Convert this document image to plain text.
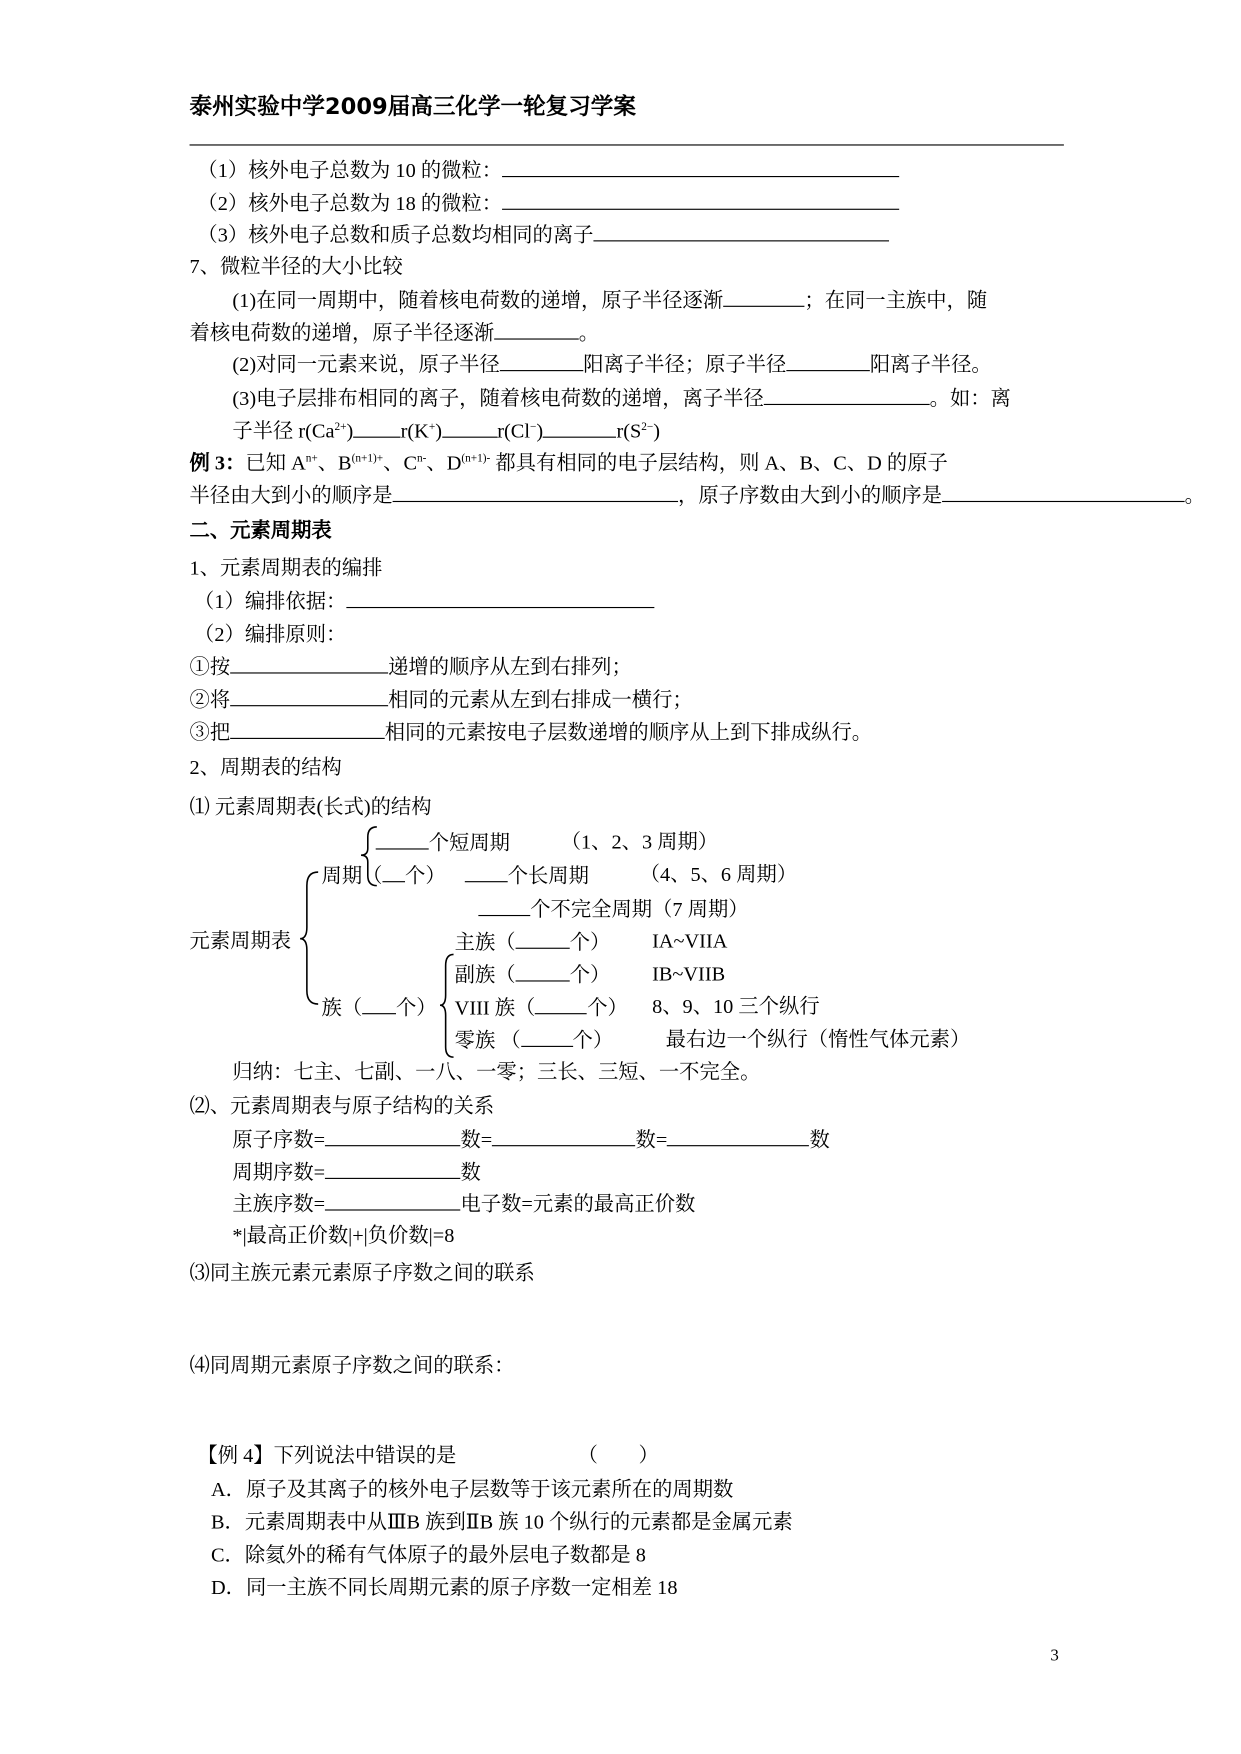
泰州实验中学2009届高三化学一轮复习学案
（1）核外电子总数为 10 的微粒：
（2）核外电子总数为 18 的微粒：
（3）核外电子总数和质子总数均相同的离子
7、微粒半径的大小比较
(1)在同一周期中，随着核电荷数的递增，原子半径逐渐	；在同一主族中，随
着核电荷数的递增，原子半径逐渐	。
(2)对同一元素来说，原子半径	阳离子半径；原子半径	阳离子半径。
(3)电子层排布相同的离子，随着核电荷数的递增，离子半径	。如：离
子半径 $r(Ca^{2+})$	r(K+)	r(Cl−)	$r(S^{2-})$
例 3：已知 $A^{n+}$、$B^{(n+1)+}$、$C^{n-}$、$D^{(n+1)-}$ 都具有相同的电子层结构，则 A、B、C、D 的原子
半径由大到小的顺序是	，原子序数由大到小的顺序是	。
二、元素周期表
1、元素周期表的编排
（1）编排依据：
（2）编排原则：
①按	递增的顺序从左到右排列；
②将	相同的元素从左到右排成一横行；
③把	相同的元素按电子层数递增的顺序从上到下排成纵行。
2、周期表的结构
⑴ 元素周期表(长式)的结构
个短周期	（1、2、3 周期）
周期（ 个）	个长周期	（4、5、6 周期）
个不完全周期（7 周期）
元素周期表	主族（	个） IA~VIIA
副族（	个） IB~VIIB
族（ 个） VIII 族（	个） 8、9、10 三个纵行
零族 （	个）	最右边一个纵行（惰性气体元素）
归纳：七主、七副、一八、一零；三长、三短、一不完全。
⑵、元素周期表与原子结构的关系
原子序数=	数=	数=	数
周期序数=	数
主族序数=	电子数=元素的最高正价数
*|最高正价数|+|负价数|=8
⑶同主族元素元素原子序数之间的联系
⑷同周期元素原子序数之间的联系：
【例 4】下列说法中错误的是	（　　）
A．原子及其离子的核外电子层数等于该元素所在的周期数
B．元素周期表中从ⅢB 族到ⅡB 族 10 个纵行的元素都是金属元素
C．除氦外的稀有气体原子的最外层电子数都是 8
D．同一主族不同长周期元素的原子序数一定相差 18
3
